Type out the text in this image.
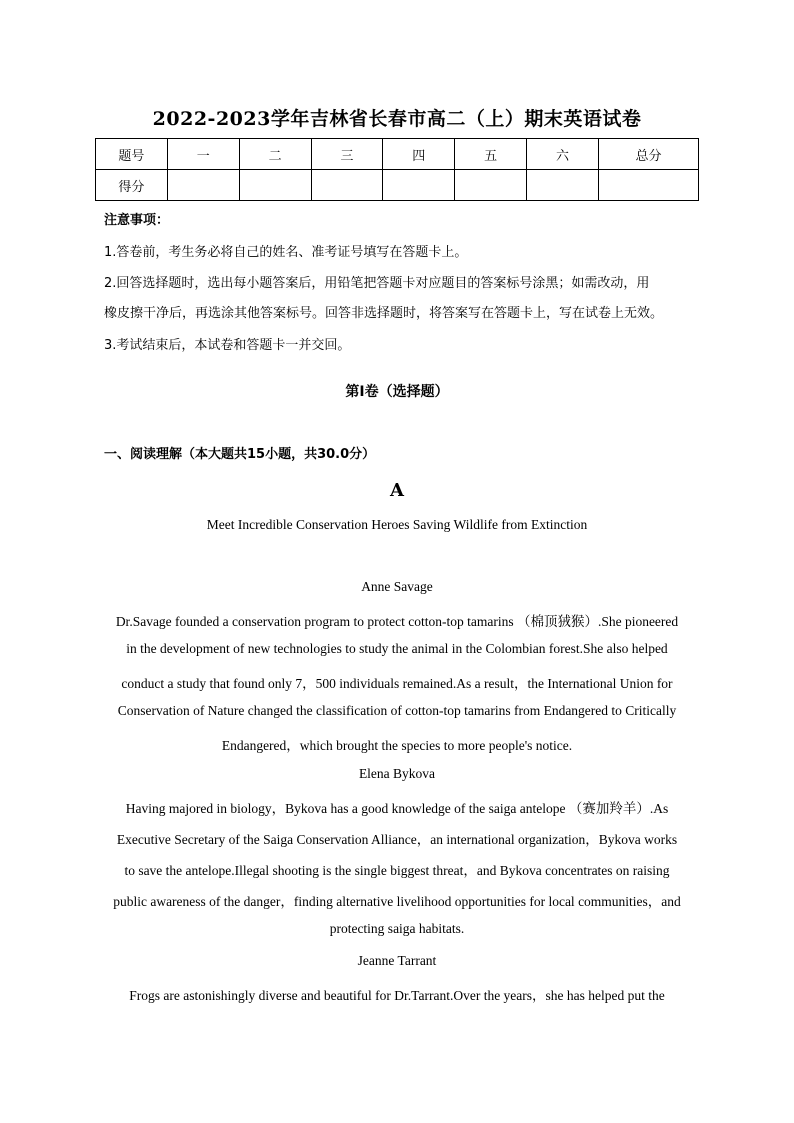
2022-2023学年吉林省长春市高二（上）期末英语试卷
题号	一	二	三	四	五	六	总分
得分							
注意事项：
1.答卷前，考生务必将自己的姓名、准考证号填写在答题卡上。
2.回答选择题时，选出每小题答案后，用铅笔把答题卡对应题目的答案标号涂黑；如需改动，用
橡皮擦干净后，再选涂其他答案标号。回答非选择题时，将答案写在答题卡上，写在试卷上无效。
3.考试结束后，本试卷和答题卡一并交回。
第I卷（选择题）
一、阅读理解（本大题共15小题，共30.0分）
A
Meet Incredible Conservation Heroes Saving Wildlife from Extinction
Anne Savage
Dr.Savage founded a conservation program to protect cotton-top tamarins （棉顶狨猴）.She pioneered
in the development of new technologies to study the animal in the Colombian forest.She also helped
conduct a study that found only 7，500 individuals remained.As a result，the International Union for
Conservation of Nature changed the classification of cotton-top tamarins from Endangered to Critically
Endangered，which brought the species to more people's notice.
Elena Bykova
Having majored in biology，Bykova has a good knowledge of the saiga antelope （赛加羚羊）.As
Executive Secretary of the Saiga Conservation Alliance，an international organization，Bykova works
to save the antelope.Illegal shooting is the single biggest threat，and Bykova concentrates on raising
public awareness of the danger，finding alternative livelihood opportunities for local communities，and
protecting saiga habitats.
Jeanne Tarrant
Frogs are astonishingly diverse and beautiful for Dr.Tarrant.Over the years，she has helped put the
